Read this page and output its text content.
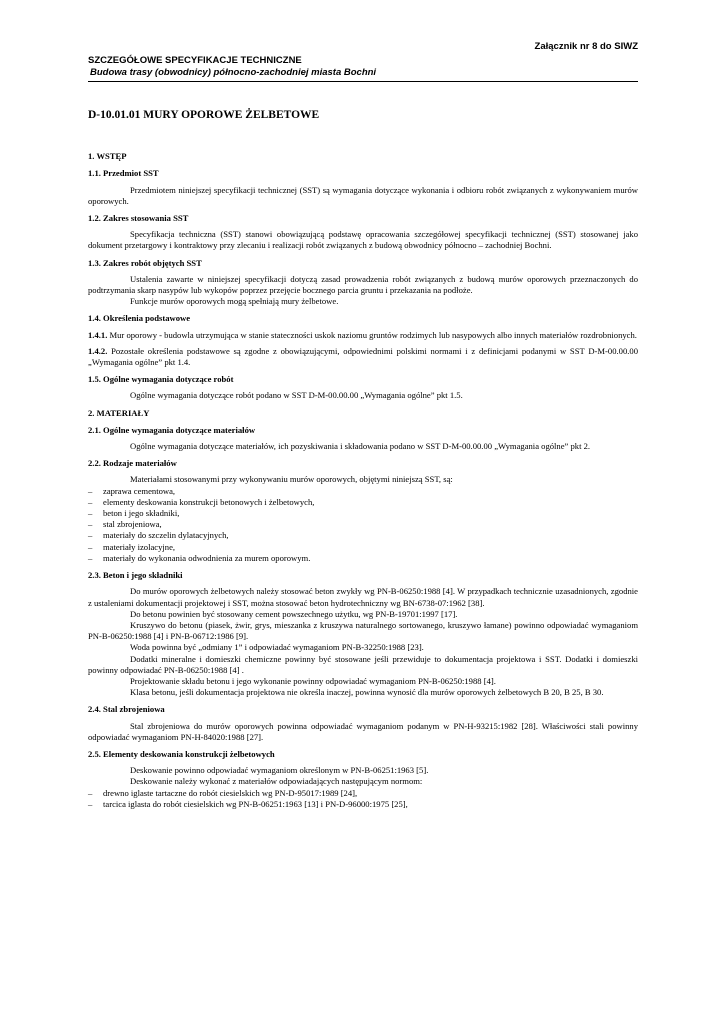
Załącznik nr 8 do SIWZ
SZCZEGÓŁOWE SPECYFIKACJE TECHNICZNE
Budowa trasy (obwodnicy) północno-zachodniej miasta Bochni
D-10.01.01 MURY OPOROWE ŻELBETOWE
1. WSTĘP
1.1. Przedmiot SST
Przedmiotem niniejszej specyfikacji technicznej (SST) są wymagania dotyczące wykonania i odbioru robót związanych z wykonywaniem murów oporowych.
1.2. Zakres stosowania SST
Specyfikacja techniczna (SST) stanowi obowiązującą podstawę opracowania szczegółowej specyfikacji technicznej (SST) stosowanej jako dokument przetargowy i kontraktowy przy zlecaniu i realizacji robót związanych z budową obwodnicy północno – zachodniej Bochni.
1.3. Zakres robót objętych SST
Ustalenia zawarte w niniejszej specyfikacji dotyczą zasad prowadzenia robót związanych z budową murów oporowych przeznaczonych do podtrzymania skarp nasypów lub wykopów poprzez przejęcie bocznego parcia gruntu i przekazania na podłoże.
Funkcje murów oporowych mogą spełniają mury żelbetowe.
1.4. Określenia podstawowe
1.4.1. Mur oporowy - budowla utrzymująca w stanie stateczności uskok naziomu gruntów rodzimych lub nasypowych albo innych materiałów rozdrobnionych.
1.4.2. Pozostałe określenia podstawowe są zgodne z obowiązującymi, odpowiednimi polskimi normami i z definicjami podanymi w SST D-M-00.00.00 „Wymagania ogólne” pkt 1.4.
1.5. Ogólne wymagania dotyczące robót
Ogólne wymagania dotyczące robót podano w SST D-M-00.00.00 „Wymagania ogólne” pkt 1.5.
2. MATERIAŁY
2.1. Ogólne wymagania dotyczące materiałów
Ogólne wymagania dotyczące materiałów, ich pozyskiwania i składowania podano w SST D-M-00.00.00 „Wymagania ogólne” pkt 2.
2.2. Rodzaje materiałów
Materiałami stosowanymi przy wykonywaniu murów oporowych, objętymi niniejszą SST, są:
– zaprawa cementowa,
– elementy deskowania konstrukcji betonowych i żelbetowych,
– beton i jego składniki,
– stal zbrojeniowa,
– materiały do szczelin dylatacyjnych,
– materiały izolacyjne,
– materiały do wykonania odwodnienia za murem oporowym.
2.3. Beton i jego składniki
Do murów oporowych żelbetowych należy stosować beton zwykły wg PN-B-06250:1988 [4]. W przypadkach technicznie uzasadnionych, zgodnie z ustaleniami dokumentacji projektowej i SST, można stosować beton hydrotechniczny wg BN-6738-07:1962 [38].
Do betonu powinien być stosowany cement powszechnego użytku, wg PN-B-19701:1997 [17].
Kruszywo do betonu (piasek, żwir, grys, mieszanka z kruszywa naturalnego sortowanego, kruszywo łamane) powinno odpowiadać wymaganiom PN-B-06250:1988 [4] i PN-B-06712:1986 [9].
Woda powinna być „odmiany 1” i odpowiadać wymaganiom PN-B-32250:1988 [23].
Dodatki mineralne i domieszki chemiczne powinny być stosowane jeśli przewiduje to dokumentacja projektowa i SST. Dodatki i domieszki powinny odpowiadać PN-B-06250:1988 [4] .
Projektowanie składu betonu i jego wykonanie powinny odpowiadać wymaganiom PN-B-06250:1988 [4].
Klasa betonu, jeśli dokumentacja projektowa nie określa inaczej, powinna wynosić dla murów oporowych żelbetowych B 20, B 25, B 30.
2.4. Stal zbrojeniowa
Stal zbrojeniowa do murów oporowych powinna odpowiadać wymaganiom podanym w PN-H-93215:1982 [28]. Właściwości stali powinny odpowiadać wymaganiom PN-H-84020:1988 [27].
2.5. Elementy deskowania konstrukcji żelbetowych
Deskowanie powinno odpowiadać wymaganiom określonym w PN-B-06251:1963 [5].
Deskowanie należy wykonać z materiałów odpowiadających następującym normom:
– drewno iglaste tartaczne do robót ciesielskich wg PN-D-95017:1989 [24],
– tarcica iglasta do robót ciesielskich wg PN-B-06251:1963 [13] i PN-D-96000:1975 [25],
